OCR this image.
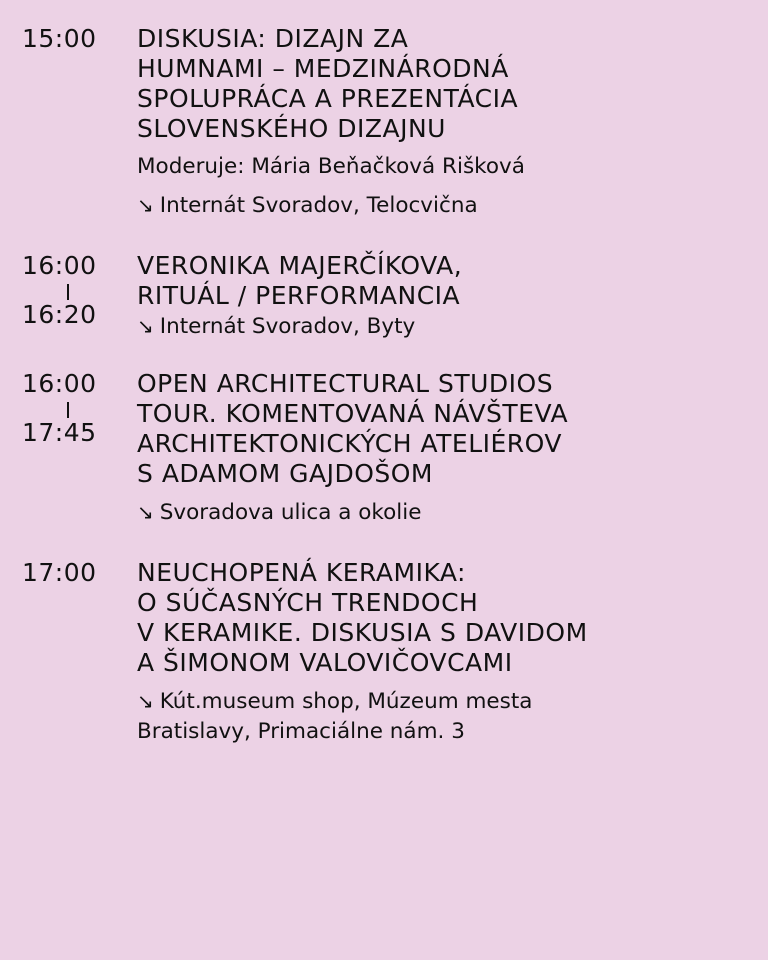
15:00	DISKUSIA: DIZAJN ZA
HUMNAMI – MEDZINÁRODNÁ
SPOLUPRÁCA A PREZENTÁCIA
SLOVENSKÉHO DIZAJNU
Moderuje: Mária Beňačková Rišková
↘ Internát Svoradov, Telocvična
16:00
16:20
VERONIKA MAJERČÍKOVA,
RITUÁL / PERFORMANCIA
↘ Internát Svoradov, Byty
16:00
17:45
OPEN ARCHITECTURAL STUDIOS
TOUR. KOMENTOVANÁ NÁVŠTEVA
ARCHITEKTONICKÝCH ATELIÉROV
S ADAMOM GAJDOŠOM
↘ Svoradova ulica a okolie
17:00	NEUCHOPENÁ KERAMIKA:
O SÚČASNÝCH TRENDOCH
V KERAMIKE. DISKUSIA S DAVIDOM
A ŠIMONOM VALOVIČOVCAMI
↘ Kút.museum shop, Múzeum mesta
Bratislavy, Primaciálne nám. 3
